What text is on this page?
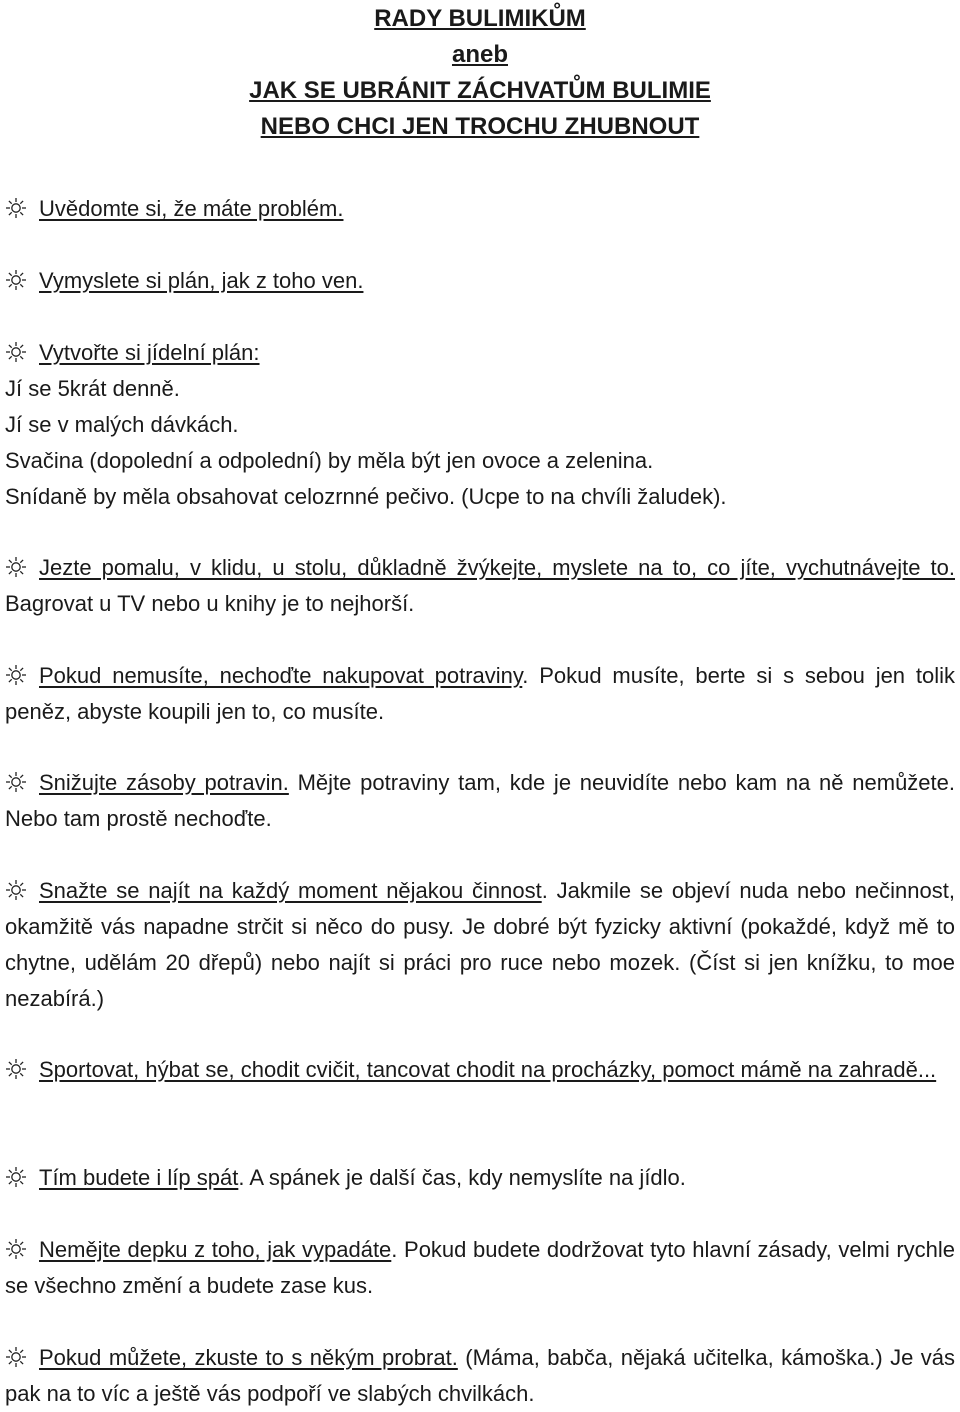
RADY BULIMIKŮM
aneb
JAK SE UBRÁNIT ZÁCHVATŮM BULIMIE
NEBO CHCI JEN TROCHU ZHUBNOUT

Uvědomte si, že máte problém.

Vymyslete si plán, jak z toho ven.

Vytvořte si jídelní plán:

Jí se 5krát denně.
Jí se v malých dávkách.
Svačina (dopolední a odpolední) by měla být jen ovoce a zelenina.
Snídaně by měla obsahovat celozrnné pečivo. (Ucpe to na chvíli žaludek).

Jezte pomalu, v klidu, u stolu, důkladně žvýkejte, myslete na to, co jíte, vychutnávejte to. Bagrovat u TV nebo u knihy je to nejhorší.

Pokud nemusíte, nechoďte nakupovat potraviny. Pokud musíte, berte si s sebou jen tolik peněz, abyste koupili jen to, co musíte.

Snižujte zásoby potravin. Mějte potraviny tam, kde je neuvidíte nebo kam na ně nemůžete. Nebo tam prostě nechoďte.

Snažte se najít na každý moment nějakou činnost. Jakmile se objeví nuda nebo nečinnost, okamžitě vás napadne strčit si něco do pusy. Je dobré být fyzicky aktivní (pokaždé, když mě to chytne, udělám 20 dřepů) nebo najít si práci pro ruce nebo mozek. (Číst si jen knížku, to moe nezabírá.)

Sportovat, hýbat se, chodit cvičit, tancovat chodit na procházky, pomoct mámě na zahradě...

Tím budete i líp spát. A spánek je další čas, kdy nemyslíte na jídlo.

Nemějte depku z toho, jak vypadáte. Pokud budete dodržovat tyto hlavní zásady, velmi rychle se všechno změní a budete zase kus.

Pokud můžete, zkuste to s někým probrat. (Máma, babča, nějaká učitelka, kámoška.) Je vás pak na to víc a ještě vás podpoří ve slabých chvilkách.
